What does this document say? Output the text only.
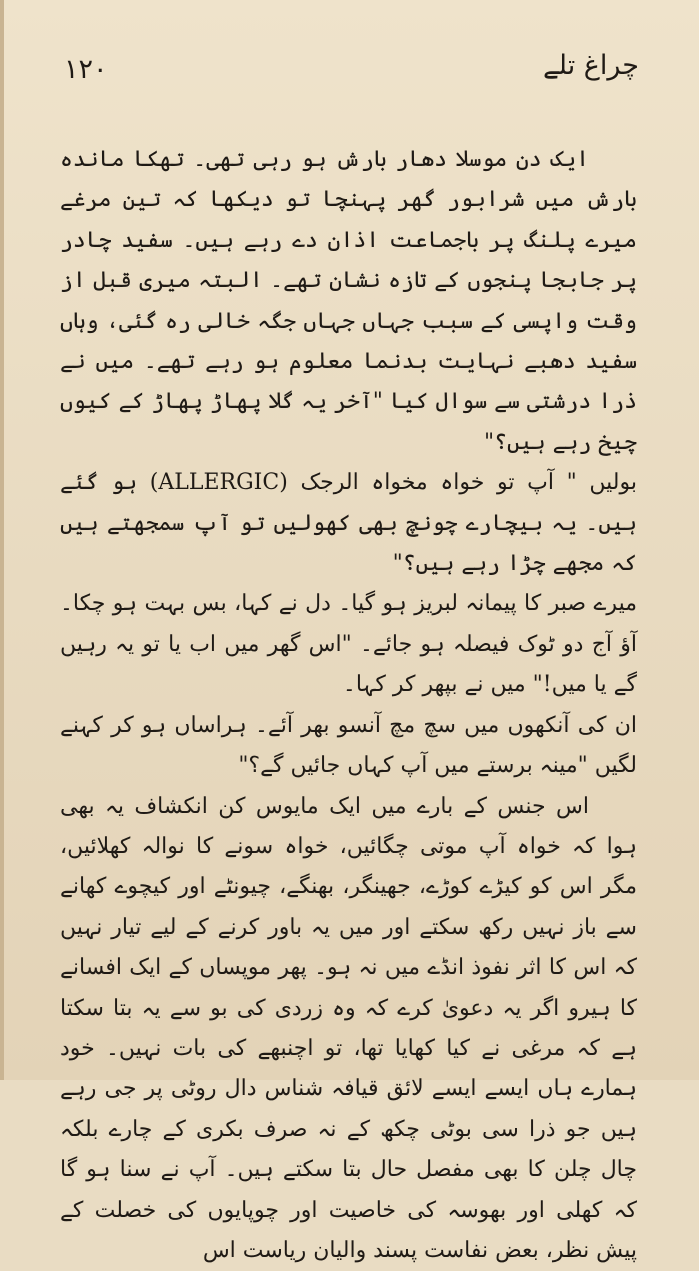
۱۲۰	چراغ تلے

ایک دن موسلا دھار بارش ہو رہی تھی۔ تھکا ماندہ بارش میں شرابور گھر پہنچا تو دیکھا کہ تین مرغے میرے پلنگ پر باجماعت اذان دے رہے ہیں۔ سفید چادر پر جابجا پنجوں کے تازہ نشان تھے۔ البتہ میری قبل از وقت واپسی کے سبب جہاں جہاں جگہ خالی رہ گئی، وہاں سفید دھبے نہایت بدنما معلوم ہو رہے تھے۔ میں نے ذرا درشتی سے سوال کیا "آخر یہ گلا پھاڑ پھاڑ کے کیوں چیخ رہے ہیں؟"

بولیں " آپ تو خواہ مخواہ الرجک (ALLERGIC) ہو گئے ہیں۔ یہ بیچارے چونچ بھی کھولیں تو آپ سمجھتے ہیں کہ مجھے چڑا رہے ہیں؟"

میرے صبر کا پیمانہ لبریز ہو گیا۔ دل نے کہا، بس بہت ہو چکا۔ آؤ آج دو ٹوک فیصلہ ہو جائے۔ "اس گھر میں اب یا تو یہ رہیں گے یا میں!" میں نے بپھر کر کہا۔

ان کی آنکھوں میں سچ مچ آنسو بھر آئے۔ ہراساں ہو کر کہنے لگیں "مینہ برستے میں آپ کہاں جائیں گے؟"

اس جنس کے بارے میں ایک مایوس کن انکشاف یہ بھی ہوا کہ خواہ آپ موتی چگائیں، خواہ سونے کا نوالہ کھلائیں، مگر اس کو کیڑے کوڑے، جھینگر، بھنگے، چیونٹے اور کیچوے کھانے سے باز نہیں رکھ سکتے اور میں یہ باور کرنے کے لیے تیار نہیں کہ اس کا اثر نفوذ انڈے میں نہ ہو۔ پھر موپساں کے ایک افسانے کا ہیرو اگر یہ دعویٰ کرے کہ وہ زردی کی بو سے یہ بتا سکتا ہے کہ مرغی نے کیا کھایا تھا، تو اچنبھے کی بات نہیں۔ خود ہمارے ہاں ایسے ایسے لائق قیافہ شناس دال روٹی پر جی رہے ہیں جو ذرا سی بوٹی چکھ کے نہ صرف بکری کے چارے بلکہ چال چلن کا بھی مفصل حال بتا سکتے ہیں۔ آپ نے سنا ہو گا کہ کھلی اور بھوسہ کی خاصیت اور چوپایوں کی خصلت کے پیش نظر، بعض نفاست پسند والیان ریاست اس
